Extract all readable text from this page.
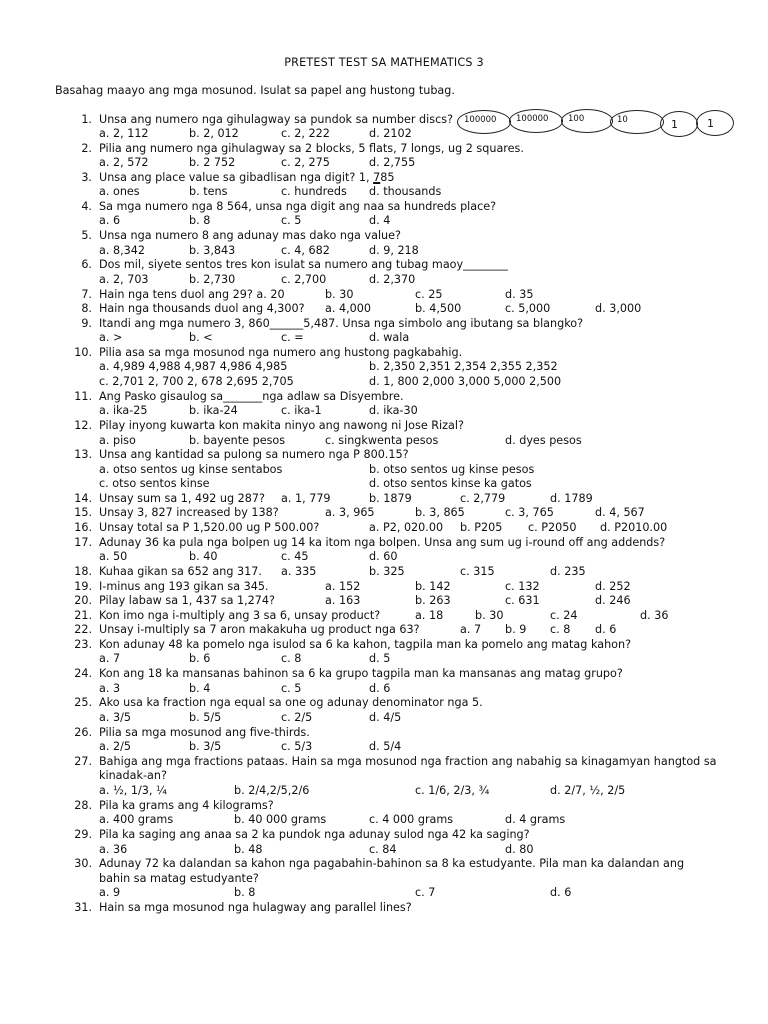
PRETEST TEST SA MATHEMATICS 3
Basahag maayo ang mga mosunod. Isulat sa papel ang hustong tubag.
100000 100000 100	10	1	1
1. Unsa ang numero nga gihulagway sa pundok sa number discs?
a. 2, 112	b. 2, 012	c. 2, 222	d. 2102
2. Pilia ang numero nga gihulagway sa 2 blocks, 5 flats, 7 longs, ug 2 squares.
a. 2, 572	b. 2 752	c. 2, 275	d. 2,755
3. Unsa ang place value sa gibadlisan nga digit? 1, 785
a. ones	b. tens	c. hundreds d. thousands
4. Sa mga numero nga 8 564, unsa nga digit ang naa sa hundreds place?
a. 6	b. 8	c. 5	d. 4
5. Unsa nga numero 8 ang adunay mas dako nga value?
a. 8,342	b. 3,843	c. 4, 682	d. 9, 218
6. Dos mil, siyete sentos tres kon isulat sa numero ang tubag maoy________
a. 2, 703	b. 2,730	c. 2,700	d. 2,370
7. Hain nga tens duol ang 29? a. 20	b. 30	c. 25	d. 35
8. Hain nga thousands duol ang 4,300? a. 4,000	b. 4,500	c. 5,000	d. 3,000
9. Itandi ang mga numero 3, 860______5,487. Unsa nga simbolo ang ibutang sa blangko?
a. >	b. <	c. =	d. wala
10. Pilia asa sa mga mosunod nga numero ang hustong pagkabahig.
a. 4,989 4,988 4,987 4,986 4,985	b. 2,350 2,351 2,354 2,355 2,352
c. 2,701 2, 700 2, 678 2,695 2,705	d. 1, 800 2,000 3,000 5,000 2,500
11. Ang Pasko gisaulog sa_______nga adlaw sa Disyembre.
a. ika-25	b. ika-24	c. ika-1	d. ika-30
12. Pilay inyong kuwarta kon makita ninyo ang nawong ni Jose Rizal?
a. piso	b. bayente pesos	c. singkwenta pesos	d. dyes pesos
13. Unsa ang kantidad sa pulong sa numero nga P 800.15?
a. otso sentos ug kinse sentabos	b. otso sentos ug kinse pesos
c. otso sentos kinse	d. otso sentos kinse ka gatos
14. Unsay sum sa 1, 492 ug 287? a. 1, 779	b. 1879	c. 2,779	d. 1789
15. Unsay 3, 827 increased by 138?	a. 3, 965	b. 3, 865	c. 3, 765	d. 4, 567
16. Unsay total sa P 1,520.00 ug P 500.00?	a. P2, 020.00 b. P205 c. P2050 d. P2010.00
17. Adunay 36 ka pula nga bolpen ug 14 ka itom nga bolpen. Unsa ang sum ug i-round off ang addends?
a. 50	b. 40	c. 45	d. 60
18. Kuhaa gikan sa 652 ang 317. a. 335	b. 325	c. 315	d. 235
19. I-minus ang 193 gikan sa 345.	a. 152	b. 142	c. 132	d. 252
20. Pilay labaw sa 1, 437 sa 1,274?	a. 163	b. 263	c. 631	d. 246
21. Kon imo nga i-multiply ang 3 sa 6, unsay product?	a. 18	b. 30	c. 24	d. 36
22. Unsay i-multiply sa 7 aron makakuha ug product nga 63?	a. 7 b. 9 c. 8 d. 6
23. Kon adunay 48 ka pomelo nga isulod sa 6 ka kahon, tagpila man ka pomelo ang matag kahon?
a. 7	b. 6	c. 8	d. 5
24. Kon ang 18 ka mansanas bahinon sa 6 ka grupo tagpila man ka mansanas ang matag grupo?
a. 3	b. 4	c. 5	d. 6
25. Ako usa ka fraction nga equal sa one og adunay denominator nga 5.
a. 3/5	b. 5/5	c. 2/5	d. 4/5
26. Pilia sa mga mosunod ang five-thirds.
a. 2/5	b. 3/5	c. 5/3	d. 5/4
27. Bahiga ang mga fractions pataas. Hain sa mga mosunod nga fraction ang nabahig sa kinagamyan hangtod sa
kinadak-an?
a. ½, 1/3, ¼	b. 2/4,2/5,2/6	c. 1/6, 2/3, ¾	d. 2/7, ½, 2/5
28. Pila ka grams ang 4 kilograms?
a. 400 grams	b. 40 000 grams	c. 4 000 grams	d. 4 grams
29. Pila ka saging ang anaa sa 2 ka pundok nga adunay sulod nga 42 ka saging?
a. 36	b. 48	c. 84	d. 80
30. Adunay 72 ka dalandan sa kahon nga pagabahin-bahinon sa 8 ka estudyante. Pila man ka dalandan ang
bahin sa matag estudyante?
a. 9	b. 8	c. 7	d. 6
31. Hain sa mga mosunod nga hulagway ang parallel lines?
